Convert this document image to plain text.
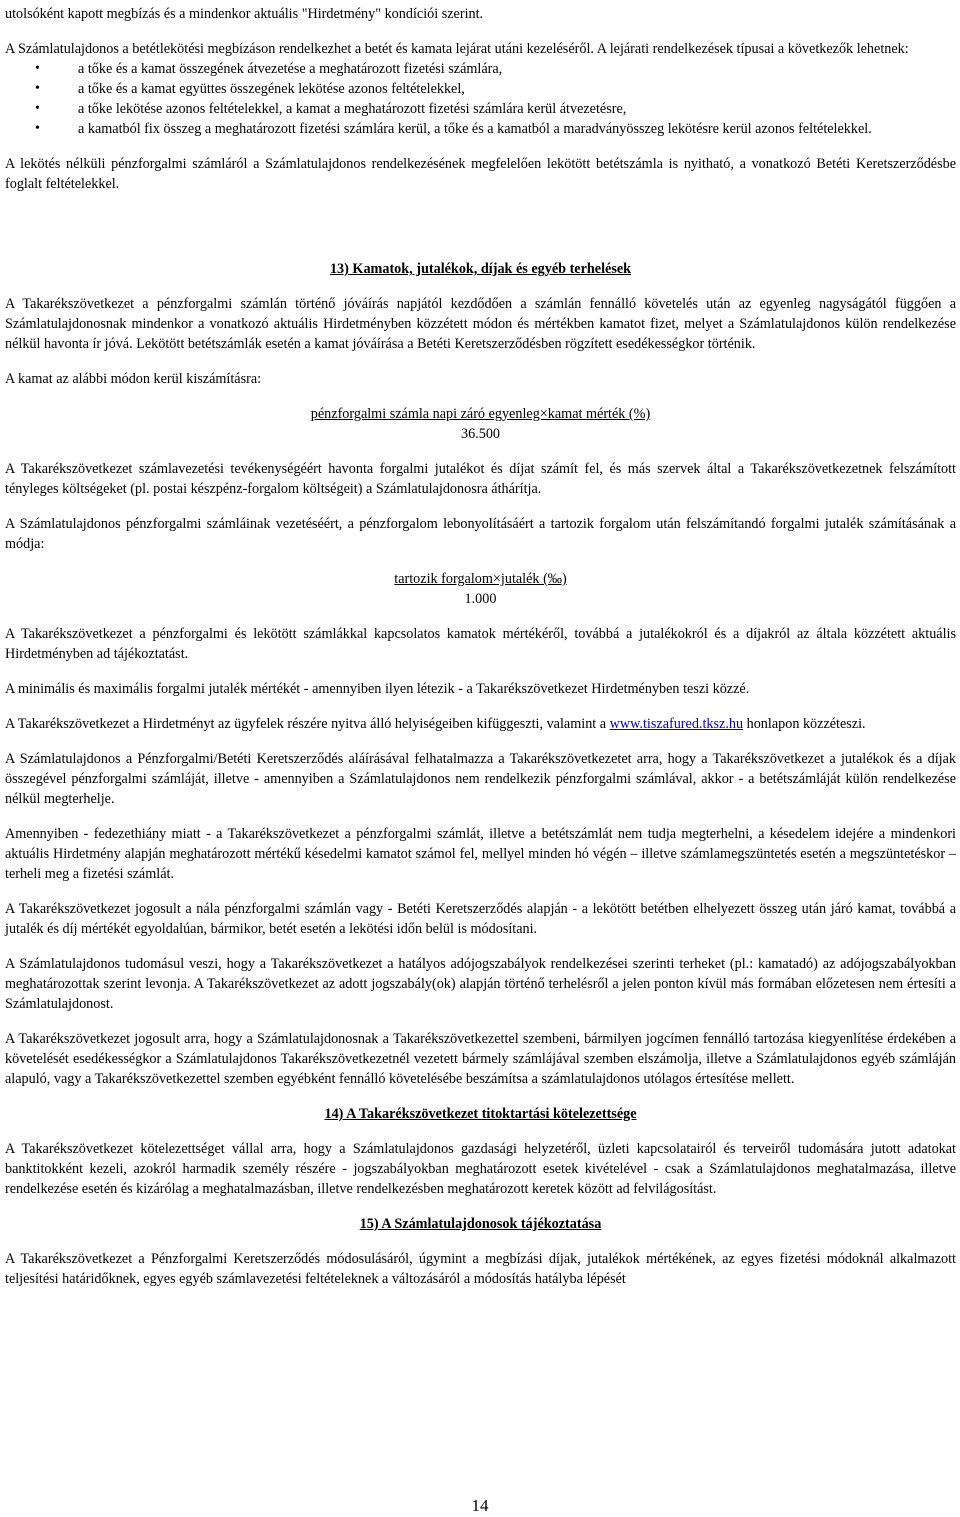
utolsóként kapott megbízás és a mindenkor aktuális "Hirdetmény" kondíciói szerint.

A Számlatulajdonos a betétlekötési megbízáson rendelkezhet a betét és kamata lejárat utáni kezeléséről. A lejárati rendelkezések típusai a következők lehetnek:

• a tőke és a kamat összegének átvezetése a meghatározott fizetési számlára,
• a tőke és a kamat együttes összegének lekötése azonos feltételekkel,
• a tőke lekötése azonos feltételekkel, a kamat a meghatározott fizetési számlára kerül átvezetésre,
• a kamatból fix összeg a meghatározott fizetési számlára kerül, a tőke és a kamatból a maradványösszeg lekötésre kerül azonos feltételekkel.

A lekötés nélküli pénzforgalmi számláról a Számlatulajdonos rendelkezésének megfelelően lekötött betétszámla is nyitható, a vonatkozó Betéti Keretszerződésbe foglalt feltételekkel.

13) Kamatok, jutalékok, díjak és egyéb terhelések

A Takarékszövetkezet a pénzforgalmi számlán történő jóváírás napjától kezdődően a számlán fennálló követelés után az egyenleg nagyságától függően a Számlatulajdonosnak mindenkor a vonatkozó aktuális Hirdetményben közzétett módon és mértékben kamatot fizet, melyet a Számlatulajdonos külön rendelkezése nélkül havonta ír jóvá. Lekötött betétszámlák esetén a kamat jóváírása a Betéti Keretszerződésben rögzített esedékességkor történik.

A kamat az alábbi módon kerül kiszámításra:

pénzforgalmi számla napi záró egyenleg×kamat mérték (%)
36.500

A Takarékszövetkezet számlavezetési tevékenységéért havonta forgalmi jutalékot és díjat számít fel, és más szervek által a Takarékszövetkezetnek felszámított tényleges költségeket (pl. postai készpénz-forgalom költségeit) a Számlatulajdonosra áthárítja.

A Számlatulajdonos pénzforgalmi számláinak vezetéséért, a pénzforgalom lebonyolításáért a tartozik forgalom után felszámítandó forgalmi jutalék számításának a módja:

tartozik forgalom×jutalék (‰)
1.000

A Takarékszövetkezet a pénzforgalmi és lekötött számlákkal kapcsolatos kamatok mértékéről, továbbá a jutalékokról és a díjakról az általa közzétett aktuális Hirdetményben ad tájékoztatást.

A minimális és maximális forgalmi jutalék mértékét - amennyiben ilyen létezik - a Takarékszövetkezet Hirdetményben teszi közzé.

A Takarékszövetkezet a Hirdetményt az ügyfelek részére nyitva álló helyiségeiben kifüggeszti, valamint a www.tiszafured.tksz.hu honlapon közzéteszi.

A Számlatulajdonos a Pénzforgalmi/Betéti Keretszerződés aláírásával felhatalmazza a Takarékszövetkezetet arra, hogy a Takarékszövetkezet a jutalékok és a díjak összegével pénzforgalmi számláját, illetve - amennyiben a Számlatulajdonos nem rendelkezik pénzforgalmi számlával, akkor - a betétszámláját külön rendelkezése nélkül megterhelje.

Amennyiben - fedezethiány miatt - a Takarékszövetkezet a pénzforgalmi számlát, illetve a betétszámlát nem tudja megterhelni, a késedelem idejére a mindenkori aktuális Hirdetmény alapján meghatározott mértékű késedelmi kamatot számol fel, mellyel minden hó végén – illetve számlamegszüntetés esetén a megszüntetéskor – terheli meg a fizetési számlát.

A Takarékszövetkezet jogosult a nála pénzforgalmi számlán vagy - Betéti Keretszerződés alapján - a lekötött betétben elhelyezett összeg után járó kamat, továbbá a jutalék és díj mértékét egyoldalúan, bármikor, betét esetén a lekötési időn belül is módosítani.

A Számlatulajdonos tudomásul veszi, hogy a Takarékszövetkezet a hatályos adójogszabályok rendelkezései szerinti terheket (pl.: kamatadó) az adójogszabályokban meghatározottak szerint levonja. A Takarékszövetkezet az adott jogszabály(ok) alapján történő terhelésről a jelen ponton kívül más formában előzetesen nem értesíti a Számlatulajdonost.

A Takarékszövetkezet jogosult arra, hogy a Számlatulajdonosnak a Takarékszövetkezettel szembeni, bármilyen jogcímen fennálló tartozása kiegyenlítése érdekében a követelését esedékességkor a Számlatulajdonos Takarékszövetkezetnél vezetett bármely számlájával szemben elszámolja, illetve a Számlatulajdonos egyéb számláján alapuló, vagy a Takarékszövetkezettel szemben egyébként fennálló követelésébe beszámítsa a számlatulajdonos utólagos értesítése mellett.

14) A Takarékszövetkezet titoktartási kötelezettsége

A Takarékszövetkezet kötelezettséget vállal arra, hogy a Számlatulajdonos gazdasági helyzetéről, üzleti kapcsolatairól és terveiről tudomására jutott adatokat banktitokként kezeli, azokról harmadik személy részére - jogszabályokban meghatározott esetek kivételével - csak a Számlatulajdonos meghatalmazása, illetve rendelkezése esetén és kizárólag a meghatalmazásban, illetve rendelkezésben meghatározott keretek között ad felvilágosítást.

15) A Számlatulajdonosok tájékoztatása

A Takarékszövetkezet a Pénzforgalmi Keretszerződés módosulásáról, úgymint a megbízási díjak, jutalékok mértékének, az egyes fizetési módoknál alkalmazott teljesítési határidőknek, egyes egyéb számlavezetési feltételeknek a változásáról a módosítás hatályba lépését

14
